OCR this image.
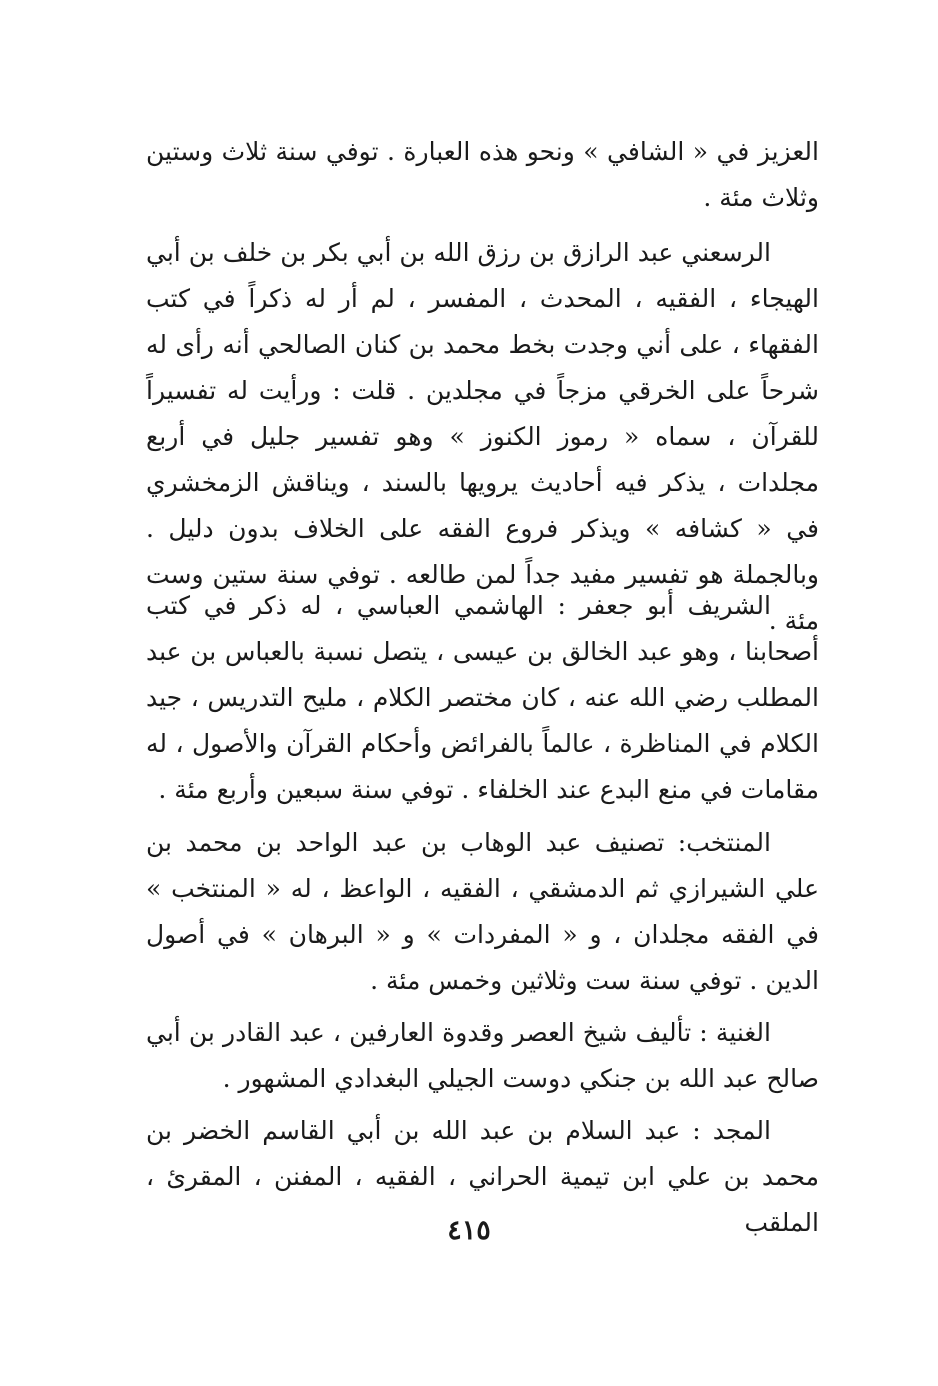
العزيز في « الشافي » ونحو هذه العبارة . توفي سنة ثلاث وستين وثلاث مئة .

الرسعني عبد الرازق بن رزق الله بن أبي بكر بن خلف بن أبي الهيجاء ، الفقيه ، المحدث ، المفسر ، لم أر له ذكراً في كتب الفقهاء ، على أني وجدت بخط محمد بن كنان الصالحي أنه رأى له شرحاً على الخرقي مزجاً في مجلدين . قلت : ورأيت له تفسيراً للقرآن ، سماه « رموز الكنوز » وهو تفسير جليل في أربع مجلدات ، يذكر فيه أحاديث يرويها بالسند ، ويناقش الزمخشري في « كشافه » ويذكر فروع الفقه على الخلاف بدون دليل . وبالجملة هو تفسير مفيد جداً لمن طالعه . توفي سنة ستين وست مئة .

الشريف أبو جعفر : الهاشمي العباسي ، له ذكر في كتب أصحابنا ، وهو عبد الخالق بن عيسى ، يتصل نسبة بالعباس بن عبد المطلب رضي الله عنه ، كان مختصر الكلام ، مليح التدريس ، جيد الكلام في المناظرة ، عالماً بالفرائض وأحكام القرآن والأصول ، له مقامات في منع البدع عند الخلفاء . توفي سنة سبعين وأربع مئة .

المنتخب: تصنيف عبد الوهاب بن عبد الواحد بن محمد بن علي الشيرازي ثم الدمشقي ، الفقيه ، الواعظ ، له « المنتخب » في الفقه مجلدان ، و « المفردات » و « البرهان » في أصول الدين . توفي سنة ست وثلاثين وخمس مئة .

الغنية : تأليف شيخ العصر وقدوة العارفين ، عبد القادر بن أبي صالح عبد الله بن جنكي دوست الجيلي البغدادي المشهور .

المجد : عبد السلام بن عبد الله بن أبي القاسم الخضر بن محمد بن علي ابن تيمية الحراني ، الفقيه ، المفنن ، المقرئ ، الملقب

٤١٥
